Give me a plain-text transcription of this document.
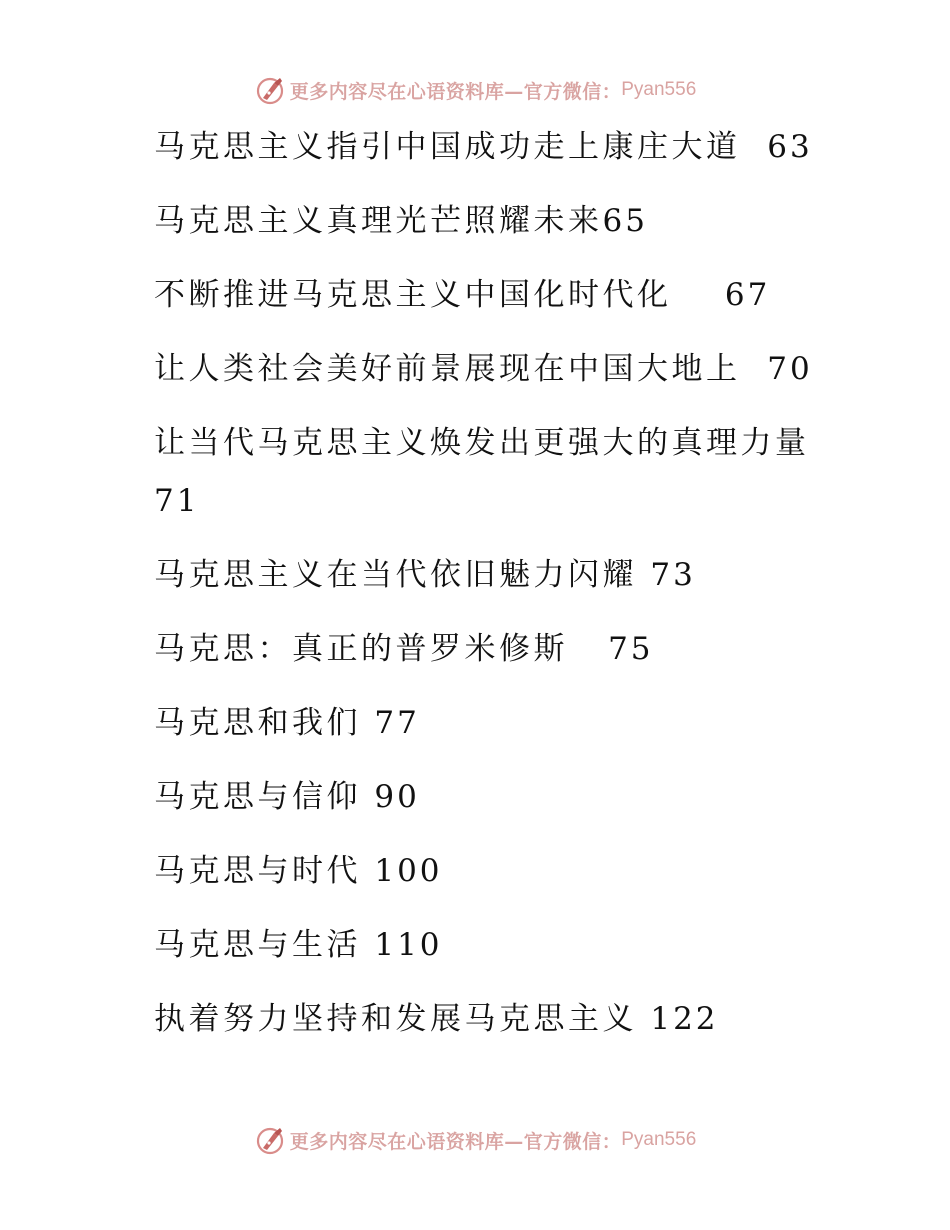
更多内容尽在心语资料库—官方微信： Pyan556
马克思主义指引中国成功走上康庄大道 63
马克思主义真理光芒照耀未来65
不断推进马克思主义中国化时代化 67
让人类社会美好前景展现在中国大地上 70
让当代马克思主义焕发出更强大的真理力量
71
马克思主义在当代依旧魅力闪耀 73
马克思：真正的普罗米修斯 75
马克思和我们 77
马克思与信仰 90
马克思与时代 100
马克思与生活 110
执着努力坚持和发展马克思主义 122
更多内容尽在心语资料库—官方微信： Pyan556
